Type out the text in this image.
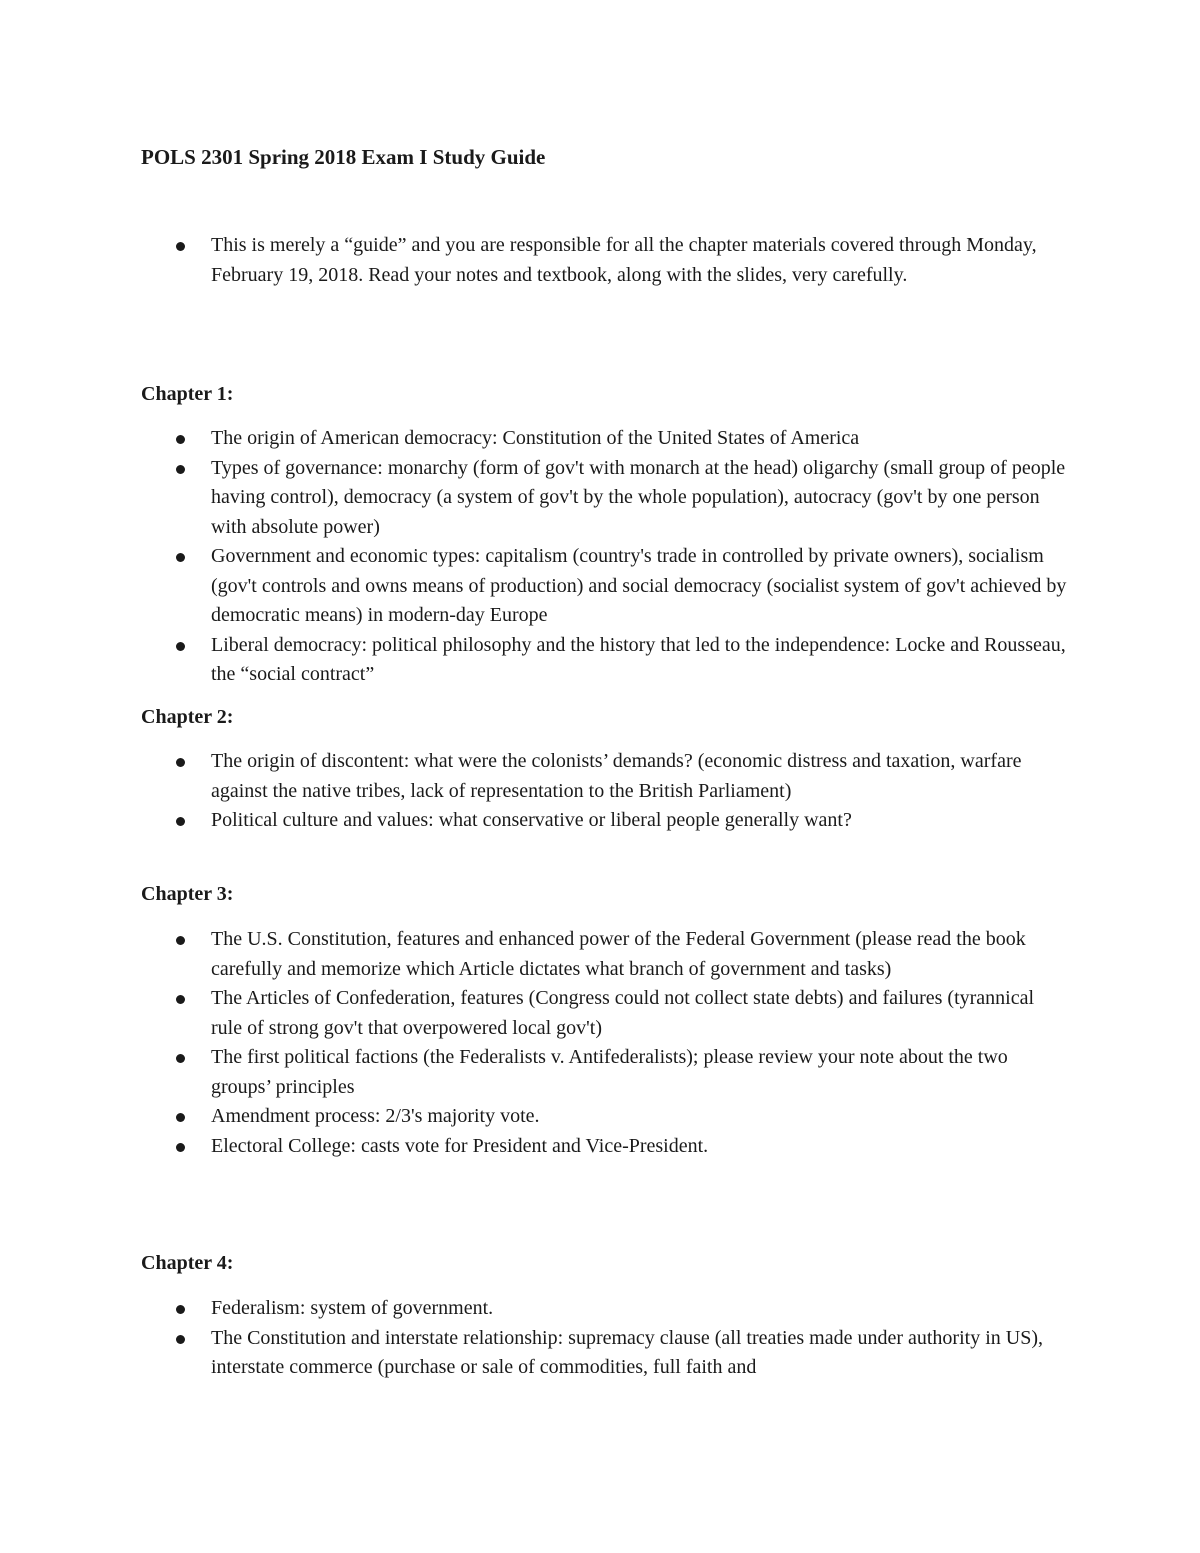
POLS 2301 Spring 2018 Exam I Study Guide
This is merely a “guide” and you are responsible for all the chapter materials covered through Monday, February 19, 2018. Read your notes and textbook, along with the slides, very carefully.
Chapter 1:
The origin of American democracy: Constitution of the United States of America
Types of governance: monarchy (form of gov't with monarch at the head) oligarchy (small group of people having control), democracy (a system of gov't by the whole population), autocracy (gov't by one person with absolute power)
Government and economic types: capitalism (country's trade in controlled by private owners), socialism (gov't controls and owns means of production) and social democracy (socialist system of gov't achieved by democratic means) in modern-day Europe
Liberal democracy: political philosophy and the history that led to the independence: Locke and Rousseau, the “social contract”
Chapter 2:
The origin of discontent: what were the colonists’ demands? (economic distress and taxation, warfare against the native tribes, lack of representation to the British Parliament)
Political culture and values: what conservative or liberal people generally want?
Chapter 3:
The U.S. Constitution, features and enhanced power of the Federal Government (please read the book carefully and memorize which Article dictates what branch of government and tasks)
The Articles of Confederation, features (Congress could not collect state debts) and failures (tyrannical rule of strong gov't that overpowered local gov't)
The first political factions (the Federalists v. Antifederalists); please review your note about the two groups’ principles
Amendment process: 2/3's majority vote.
Electoral College: casts vote for President and Vice-President.
Chapter 4:
Federalism: system of government.
The Constitution and interstate relationship: supremacy clause (all treaties made under authority in US), interstate commerce (purchase or sale of commodities, full faith and
